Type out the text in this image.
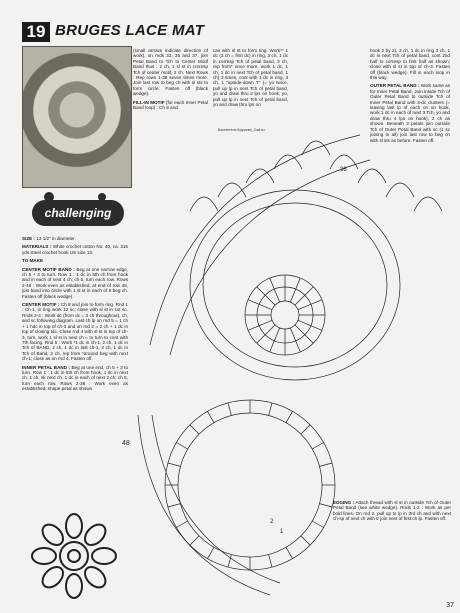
19 BRUGES LACE MAT
challenging

SIZE : 13 1/2" in diameter.

MATERIALS : White crochet cotton No. 40, ca. 315 yds Steel crochet hook US size 13.

TO MAKE

CENTER MOTIF BAND : Beg at one narrow edge, ch 5 + 3 to turn. Row 1 : 1 dc in 5th ch from hook and in each of next 4 ch; ch 5, turn each row. Rows 2-48 : Work even as established, at end of row 48, join band into circle with 1 sl st in each of 6 beg ch. Fasten off (black wedge).

CENTER MOTIF : Ch 8 and join to form ring. Rnd 1 : Ch 1, in ring work 12 sc; close with sl st in 1st sc. Rnds 2-4 : Work dc (from dc = 3 ch throughout), ch, and sc following diagram. Last ch lp on rnd 5 = 1 ch + 1 hdc in top of ch-3 and on rnd 2 = 2 ch + 1 dc in top of closing tdc. Close rnd 4 with sl st in top of ch-3, turn, work 1 sl st in next ch = to turn to cont with 7th facing. Rnd 5 : Work *1 dc in ch-1, 2 ch, 1 dc in Tch of BAND, 2 ch, 1 dc in last ch-1, 2 ch, 1 dc in Tch of Band, 2 ch, rep from *around beg with next ch-1; close as on rnd 4. Fasten off.

INNER PETAL BAND : Beg at one end, ch 5 + 3 to turn. Row 1 : 1 dc in 5th ch from hook, 1 dc in next ch, 1 ch, sk next ch, 1 dc in each of next 2 ch; ch 5, turn each row. Rows 2-38 : Work even as established, shape petal as shown

(small arrows indicate direction of work), on rnds 33, 35 and 37, join Petal Band to Tch to Center Motif Band thus : 2 ch, 1 sl st in corresp Tch of center motif, 2 ch. Next Rows : Rep rows 1-38 seven times more. Join last row to beg ch with sl sts to form circle. Fasten off (black wedge).

FILL-IN MOTIF (for each Inner Petal Band loop) : Ch 8 and

cas with sl st to form ring. Work** 1 dc (3 ch = first dc) in ring, 3 ch, 1 dc in corresp Tch of petal band, 3 ch, rep from* once more, work 1 dc, 1 ch, 1 dc in next Tch of petal band, 1 ch) 3 times, cont with 1 dc in ring, 3 ch, 1 "upside-down T" (= yo twice, pull up lp in next Tch of petal band, yo and draw thru 2 lps on hook, yo, pull up lp in next Tch of petal band, yo and draw thru lps on

Бюллетень Кружева_Сайты

hook 2 by 2), 3 ch, 1 dc in ring 3 ch, 1 dc in next Tch of petal band, cont 2nd half to corresp to first half as shown; close with sl st in top of ch-3. Fasten off (black wedge). Fill in each loop in this way.

OUTER PETAL BAND : Work same as for Inner Petal Band. Join inside Tch of Outer Petal Band to outside Tch of Inner Petal Band with 3-dc clusters (= leaving last lp of each on on hook, work 1 dc in each of next 3 Tch, yo and draw thru 4 lps on hook), 2 ch as shown. Beneath 3 petals join outside Tch of Outer Petal Band with sc (1 sc joining in all) join last row to beg ch with sl sts as before. Fasten off.

48
38
2
1

EDGING : Attach thread with sl st in outside Tch of Outer Petal Band (see white wedge). Rnds 1-2 : Work as per bold lines. On rnd 2, pull up to lp in 3rd ch and with next ch-sp of next ch with tr join next of first ch lp. Fasten off.

37
